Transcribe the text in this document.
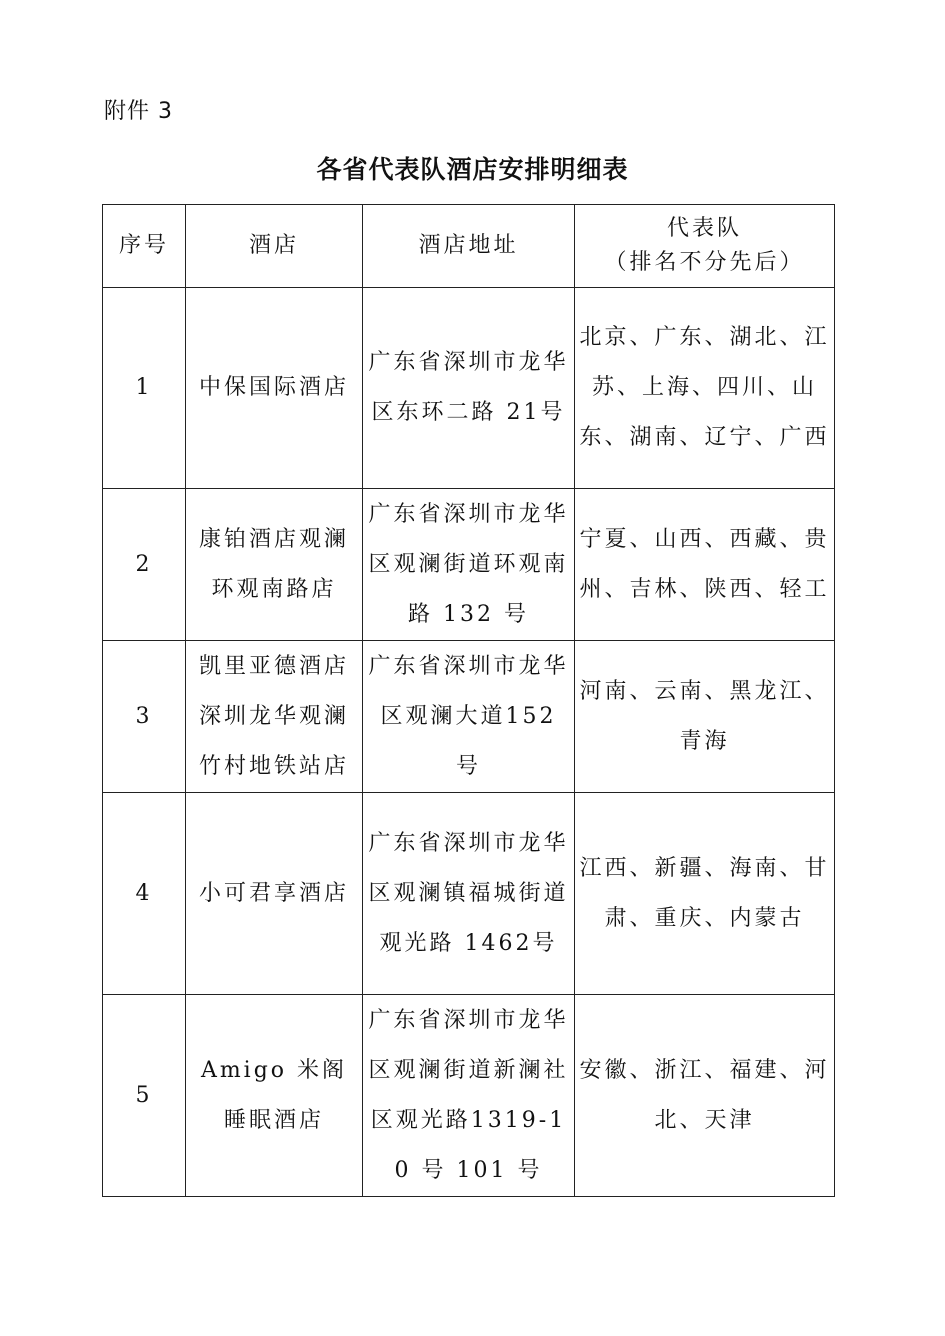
附件 3
各省代表队酒店安排明细表
序号	酒店	酒店地址	代表队
（排名不分先后）

1	中保国际酒店	广东省深圳市龙华区东环二路 21号	北京、广东、湖北、江苏、上海、四川、山东、湖南、辽宁、广西
2	康铂酒店观澜环观南路店	广东省深圳市龙华区观澜街道环观南路 132 号	宁夏、山西、西藏、贵州、吉林、陕西、轻工
3	凯里亚德酒店深圳龙华观澜竹村地铁站店	广东省深圳市龙华区观澜大道152 号	河南、云南、黑龙江、青海
4	小可君享酒店	广东省深圳市龙华区观澜镇福城街道观光路 1462号	江西、新疆、海南、甘肃、重庆、内蒙古
5	Amigo 米阁睡眠酒店	广东省深圳市龙华区观澜街道新澜社区观光路1319-10 号 101 号	安徽、浙江、福建、河北、天津
